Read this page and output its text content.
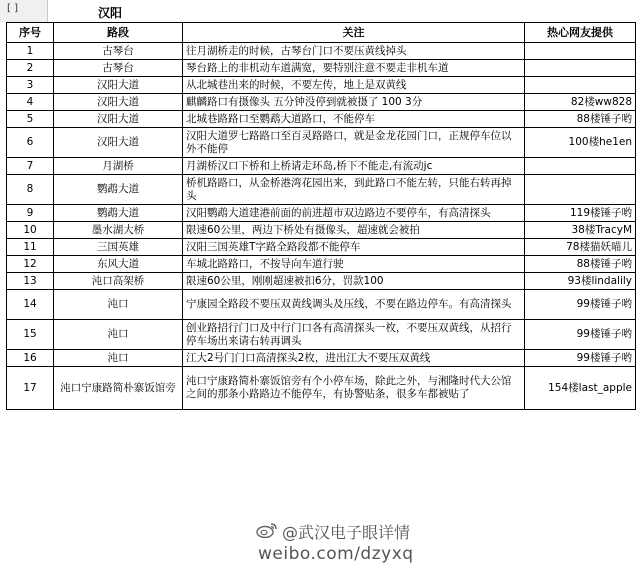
[ ]	汉阳
序号	路段	关注	热心网友提供
1	古琴台	往月湖桥走的时候，古琴台门口不要压黄线掉头	
2	古琴台	琴台路上的非机动车道满宽，要特别注意不要走非机车道	
3	汉阳大道	从北城巷出来的时候，不要左传，地上是双黄线	
4	汉阳大道	麒麟路口有摄像头 五分钟没停到就被摄了 100 3分	82楼ww828
5	汉阳大道	北城巷路路口至鹦鹉大道路口，不能停车	88楼锤子哟
6	汉阳大道	汉阳大道罗七路路口至百灵路路口，就是金龙花园门口，正规停车位以外不能停	100楼he1en
7	月湖桥	月湖桥汉口下桥和上桥请走环岛,桥下不能走,有流动jc	
8	鹦鹉大道	桥机路路口，从金桥港湾花园出来，到此路口不能左转，只能右转再掉头	
9	鹦鹉大道	汉阳鹦鹉大道建港前面的前进超市双边路边不要停车，有高清探头	119楼锤子哟
10	墨水湖大桥	限速60公里，两边下桥处有摄像头，超速就会被拍	38楼TracyM
11	三国英雄	汉阳三国英雄T字路全路段都不能停车	78楼猫妖喵儿
12	东风大道	车城北路路口，不按导向车道行驶	88楼锤子哟
13	沌口高架桥	限速60公里，刚刚超速被扣6分，罚款100	93楼lindalily
14	沌口	宁康园全路段不要压双黄线调头及压线，不要在路边停车。有高清探头	99楼锤子哟
15	沌口	创业路招行门口及中行门口各有高清探头一枚，不要压双黄线，从招行停车场出来请右转再调头	99楼锤子哟
16	沌口	江大2号门门口高清探头2枚，进出江大不要压双黄线	99楼锤子哟
17	沌口宁康路简朴寨饭馆旁	沌口宁康路简朴寨饭馆旁有个小停车场，除此之外，与湘隆时代大公馆之间的那条小路路边不能停车，有协警贴条，很多车都被贴了	154楼last_apple
@武汉电子眼详情
weibo.com/dzyxq
